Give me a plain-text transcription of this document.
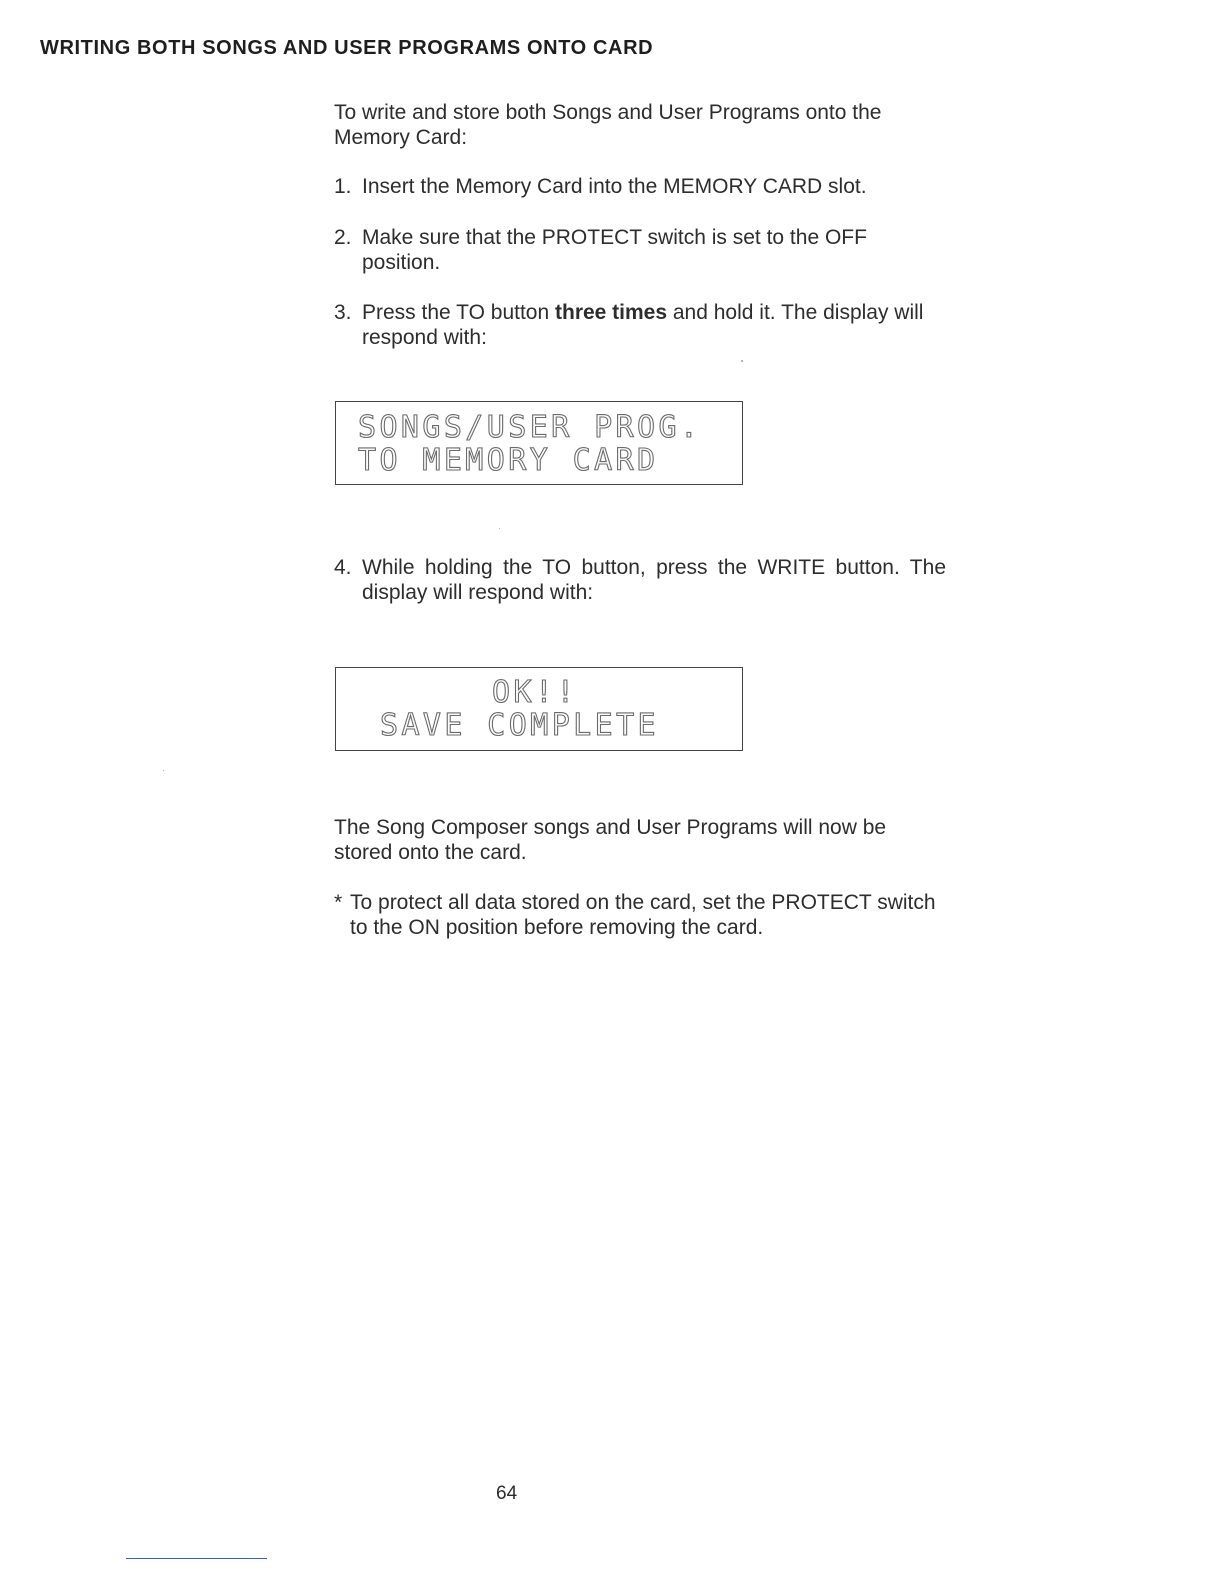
WRITING BOTH SONGS AND USER PROGRAMS ONTO CARD
To write and store both Songs and User Programs onto the Memory Card:
1. Insert the Memory Card into the MEMORY CARD slot.
2. Make sure that the PROTECT switch is set to the OFF position.
3. Press the TO button three times and hold it. The display will respond with:
SONGS/USER PROG.
TO MEMORY CARD
4. While holding the TO button, press the WRITE button. The display will respond with:
OK!!
SAVE COMPLETE
The Song Composer songs and User Programs will now be stored onto the card.
* To protect all data stored on the card, set the PROTECT switch to the ON position before removing the card.
64
